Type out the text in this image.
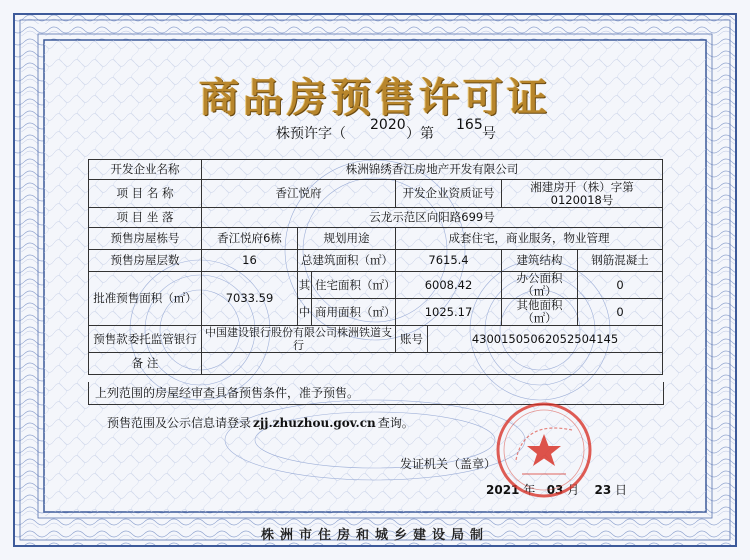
商品房预售许可证
株预许字（
2020
）第
165
号
开发企业名称	株洲锦绣香江房地产开发有限公司						
项 目 名 称	香江悦府			开发企业资质证号		湘建房开（株）字第0120018号	
项 目 坐 落	云龙示范区向阳路699号						
预售房屋栋号	香江悦府6栋	规划用途		成套住宅，商业服务，物业管理			
预售房屋层数	16	总建筑面积（㎡）		7615.4		建筑结构	钢筋混凝土
批准预售面积（㎡）	7033.59	其	住宅面积（㎡）	6008.42		办公面积（㎡）	0
		中	商用面积（㎡）	1025.17		其他面积（㎡）	0
预售款委托监管银行	中国建设银行股份有限公司株洲铁道支行			账号	43001505062052504145		
备 注							
上列范围的房屋经审查具备预售条件，准予预售。
预售范围及公示信息请登录 zjj.zhuzhou.gov.cn 查询。
发证机关（盖章）
2021 年 03 月 23 日
株洲市住房和城乡建设局制
